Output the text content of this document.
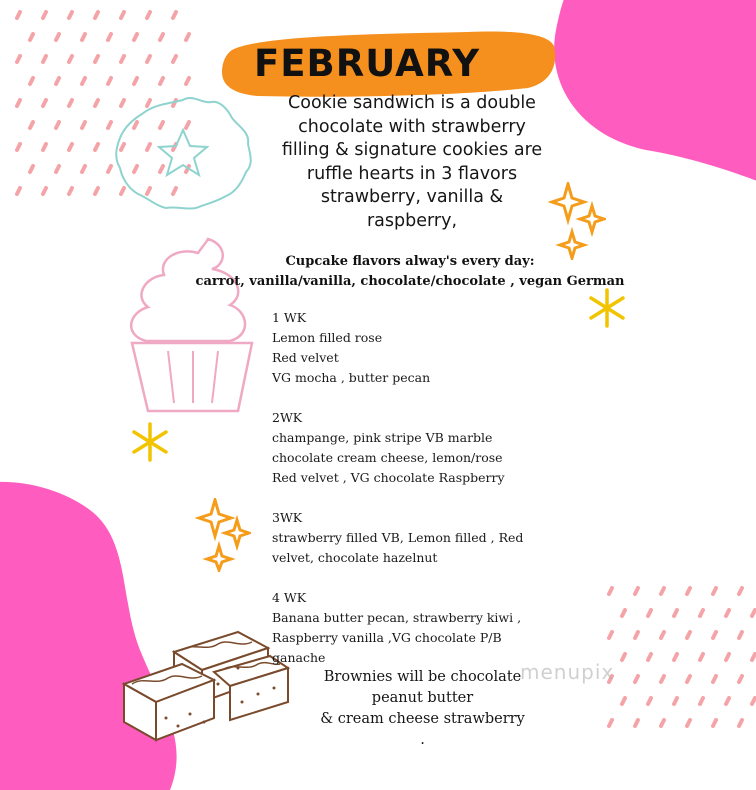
FEBRUARY
Cookie sandwich is a double
chocolate with strawberry
filling & signature cookies are
ruffle hearts in 3 flavors
strawberry, vanilla &
raspberry,
Cupcake flavors alway's every day:
carrot, vanilla/vanilla, chocolate/chocolate , vegan German
1 WK
Lemon filled rose
Red velvet
VG mocha , butter pecan
2WK
champange, pink stripe VB marble
chocolate cream cheese, lemon/rose
Red velvet , VG chocolate Raspberry
3WK
strawberry filled VB, Lemon filled , Red
velvet, chocolate hazelnut
4 WK
Banana butter pecan, strawberry kiwi ,
Raspberry vanilla ,VG chocolate P/B
ganache
Brownies will be chocolate
peanut butter
& cream cheese strawberry
.
menupix
